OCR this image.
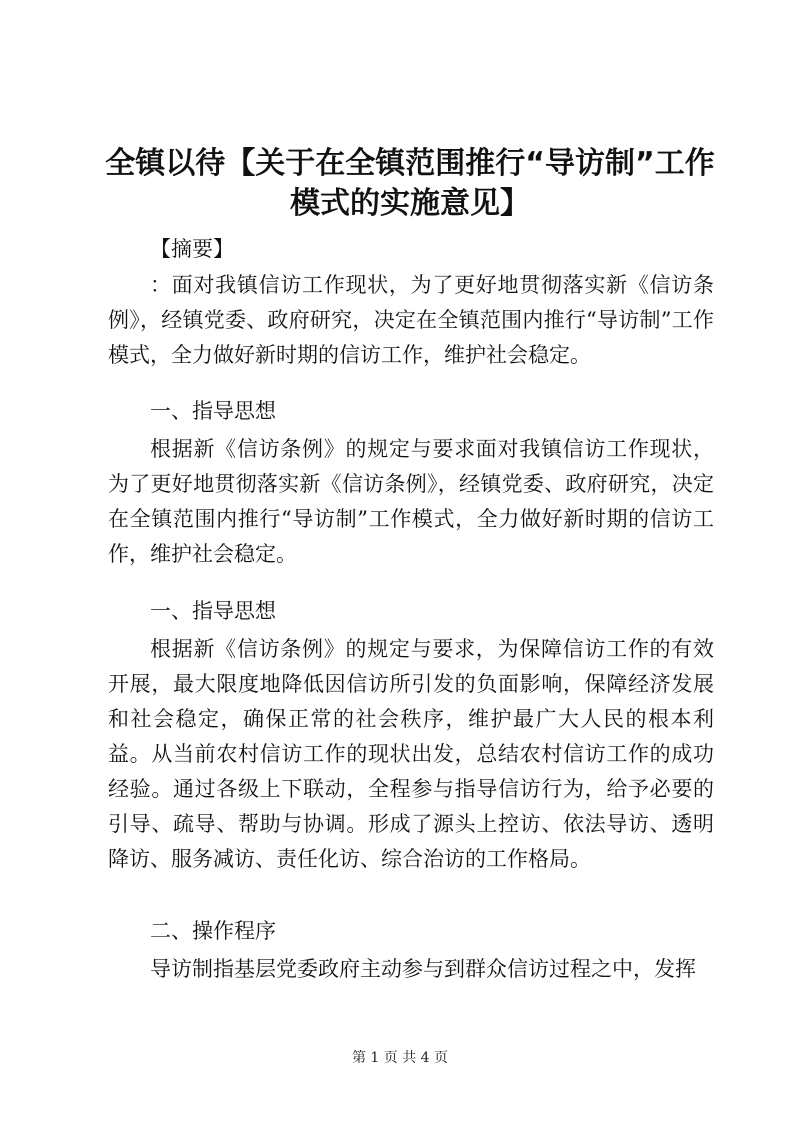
全镇以待【关于在全镇范围推行“导访制”工作模式的实施意见】

【摘要】

：面对我镇信访工作现状，为了更好地贯彻落实新《信访条例》，经镇党委、政府研究，决定在全镇范围内推行“导访制”工作模式，全力做好新时期的信访工作，维护社会稳定。

一、指导思想

根据新《信访条例》的规定与要求面对我镇信访工作现状，为了更好地贯彻落实新《信访条例》，经镇党委、政府研究，决定在全镇范围内推行“导访制”工作模式，全力做好新时期的信访工作，维护社会稳定。

一、指导思想

根据新《信访条例》的规定与要求，为保障信访工作的有效开展，最大限度地降低因信访所引发的负面影响，保障经济发展和社会稳定，确保正常的社会秩序，维护最广大人民的根本利益。从当前农村信访工作的现状出发，总结农村信访工作的成功经验。通过各级上下联动，全程参与指导信访行为，给予必要的引导、疏导、帮助与协调。形成了源头上控访、依法导访、透明降访、服务减访、责任化访、综合治访的工作格局。

二、操作程序

导访制指基层党委政府主动参与到群众信访过程之中，发挥

第 1 页 共 4 页
